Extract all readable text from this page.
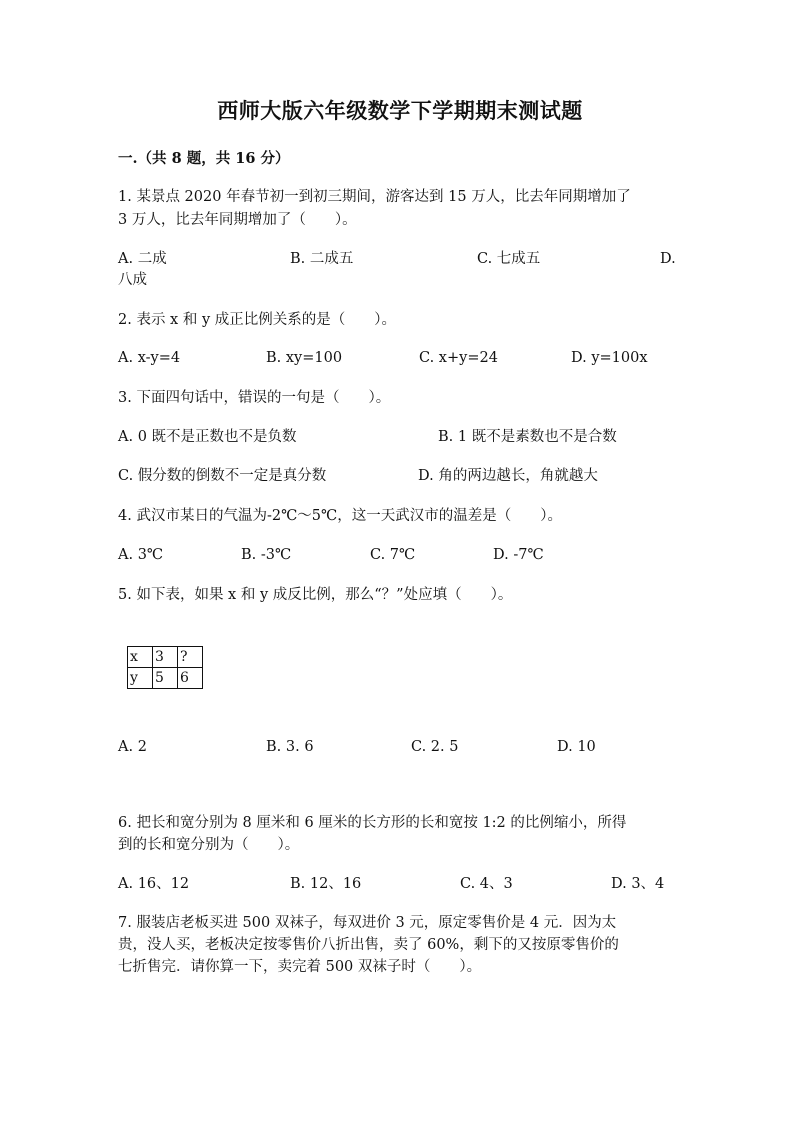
西师大版六年级数学下学期期末测试题
一.（共 8 题，共 16 分）
1. 某景点 2020 年春节初一到初三期间，游客达到 15 万人，比去年同期增加了
3 万人，比去年同期增加了（　　）。
A. 二成	B. 二成五	C. 七成五	D.
八成
2. 表示 x 和 y 成正比例关系的是（　　）。
A. x-y=4	B. xy=100	C. x+y=24	D. y=100x
3. 下面四句话中，错误的一句是（　　）。
A. 0 既不是正数也不是负数	B. 1 既不是素数也不是合数
C. 假分数的倒数不一定是真分数	D. 角的两边越长，角就越大
4. 武汉市某日的气温为-2℃～5℃，这一天武汉市的温差是（　　）。
A. 3℃	B. -3℃	C. 7℃	D. -7℃
5. 如下表，如果 x 和 y 成反比例，那么“？”处应填（　　）。
x	3	?
y	5	6
A. 2	B. 3. 6	C. 2. 5	D. 10
6. 把长和宽分别为 8 厘米和 6 厘米的长方形的长和宽按 1:2 的比例缩小，所得
到的长和宽分别为（　　）。
A. 16、12	B. 12、16	C. 4、3	D. 3、4
7. 服装店老板买进 500 双袜子，每双进价 3 元，原定零售价是 4 元．因为太
贵，没人买，老板决定按零售价八折出售，卖了 60%，剩下的又按原零售价的
七折售完．请你算一下，卖完着 500 双袜子时（　　）。
